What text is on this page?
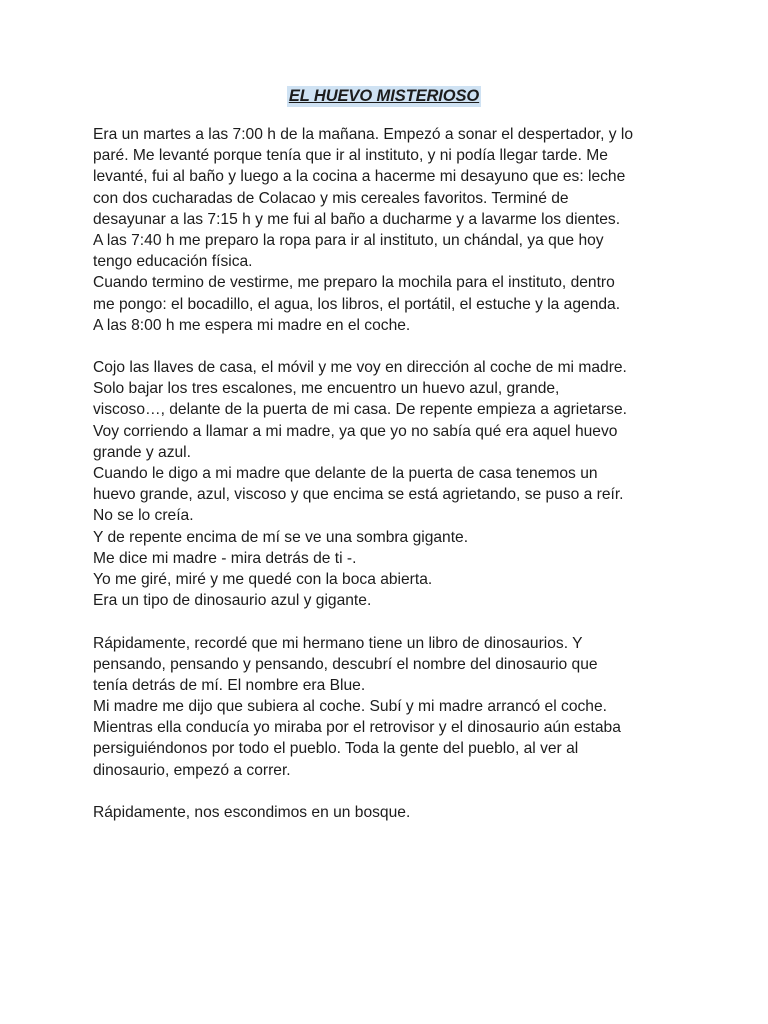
EL HUEVO MISTERIOSO
Era un martes a las 7:00 h de la mañana. Empezó a sonar el despertador, y lo
paré. Me levanté porque tenía que ir al instituto, y ni podía llegar tarde. Me
levanté, fui al baño y luego a la cocina a hacerme mi desayuno que es: leche
con dos cucharadas de Colacao y mis cereales favoritos. Terminé de
desayunar a las 7:15 h y me fui al baño a ducharme y a lavarme los dientes.
A las 7:40 h me preparo la ropa para ir al instituto, un chándal, ya que hoy
tengo educación física.
Cuando termino de vestirme, me preparo la mochila para el instituto, dentro
me pongo: el bocadillo, el agua, los libros, el portátil, el estuche y la agenda.
A las 8:00 h me espera mi madre en el coche.
Cojo las llaves de casa, el móvil y me voy en dirección al coche de mi madre.
Solo bajar los tres escalones, me encuentro un huevo azul, grande,
viscoso…, delante de la puerta de mi casa. De repente empieza a agrietarse.
Voy corriendo a llamar a mi madre, ya que yo no sabía qué era aquel huevo
grande y azul.
Cuando le digo a mi madre que delante de la puerta de casa tenemos un
huevo grande, azul, viscoso y que encima se está agrietando, se puso a reír.
No se lo creía.
Y de repente encima de mí se ve una sombra gigante.
Me dice mi madre - mira detrás de ti -.
Yo me giré, miré y me quedé con la boca abierta.
Era un tipo de dinosaurio azul y gigante.
Rápidamente, recordé que mi hermano tiene un libro de dinosaurios. Y
pensando, pensando y pensando, descubrí el nombre del dinosaurio que
tenía detrás de mí. El nombre era Blue.
Mi madre me dijo que subiera al coche. Subí y mi madre arrancó el coche.
Mientras ella conducía yo miraba por el retrovisor y el dinosaurio aún estaba
persiguiéndonos por todo el pueblo. Toda la gente del pueblo, al ver al
dinosaurio, empezó a correr.
Rápidamente, nos escondimos en un bosque.
